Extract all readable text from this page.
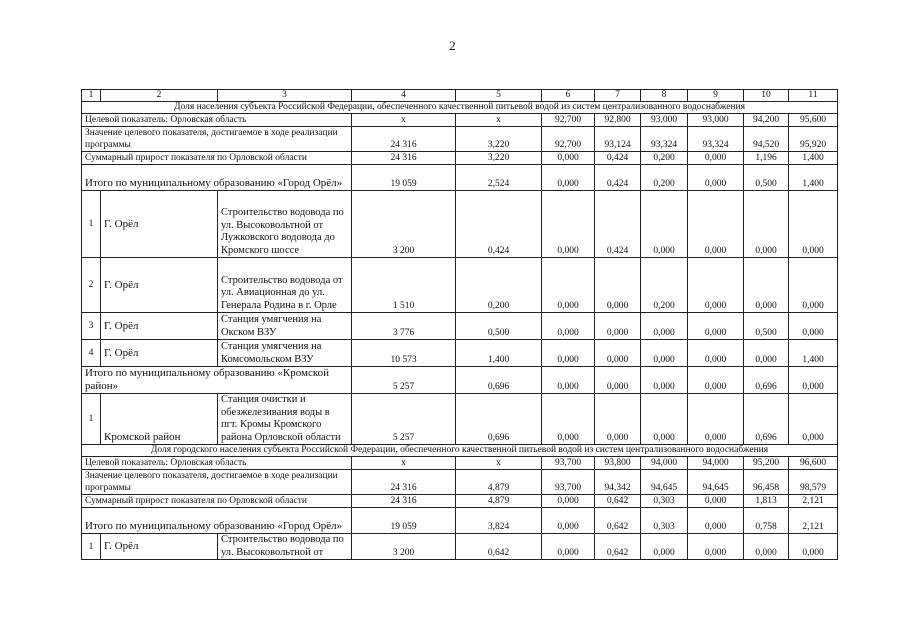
2
1	2	3	4	5	6	7	8	9	10	11
Доля населения субъекта Российской Федерации, обеспеченного качественной питьевой водой из систем централизованного водоснабжения										
Целевой показатель: Орловская область			х	х	92,700	92,800	93,000	93,000	94,200	95,600
Значение целевого показателя, достигаемое в ходе реализации программы			24 316	3,220	92,700	93,124	93,324	93,324	94,520	95,920
Суммарный прирост показателя по Орловской области			24 316	3,220	0,000	0,424	0,200	0,000	1,196	1,400
Итого по муниципальному образованию «Город Орёл»			19 059	2,524	0,000	0,424	0,200	0,000	0,500	1,400
1	Г. Орёл	Строительство водовода по ул. Высоковольтной от Лужковского водовода до Кромского шоссе	3 200	0,424	0,000	0,424	0,000	0,000	0,000	0,000
2	Г. Орёл	Строительство водовода от ул. Авиационная до ул. Генерала Родина в г. Орле	1 510	0,200	0,000	0,000	0,200	0,000	0,000	0,000
3	Г. Орёл	Станция умягчения на Окском ВЗУ	3 776	0,500	0,000	0,000	0,000	0,000	0,500	0,000
4	Г. Орёл	Станция умягчения на Комсомольском ВЗУ	10 573	1,400	0,000	0,000	0,000	0,000	0,000	1,400
Итого по муниципальному образованию «Кромской район»			5 257	0,696	0,000	0,000	0,000	0,000	0,696	0,000
1	Кромской район	Станция очистки и обезжелезивания воды в пгт. Кромы Кромского района Орловской области	5 257	0,696	0,000	0,000	0,000	0,000	0,696	0,000
Доля городского населения субъекта Российской Федерации, обеспеченного качественной питьевой водой из систем централизованного водоснабжения										
Целевой показатель: Орловская область			х	х	93,700	93,800	94,000	94,000	95,200	96,600
Значение целевого показателя, достигаемое в ходе реализации программы			24 316	4,879	93,700	94,342	94,645	94,645	96,458	98,579
Суммарный прирост показателя по Орловской области			24 316	4,879	0,000	0,642	0,303	0,000	1,813	2,121
Итого по муниципальному образованию «Город Орёл»			19 059	3,824	0,000	0,642	0,303	0,000	0,758	2,121
1	Г. Орёл	Строительство водовода по ул. Высоковольтной от	3 200	0,642	0,000	0,642	0,000	0,000	0,000	0,000
